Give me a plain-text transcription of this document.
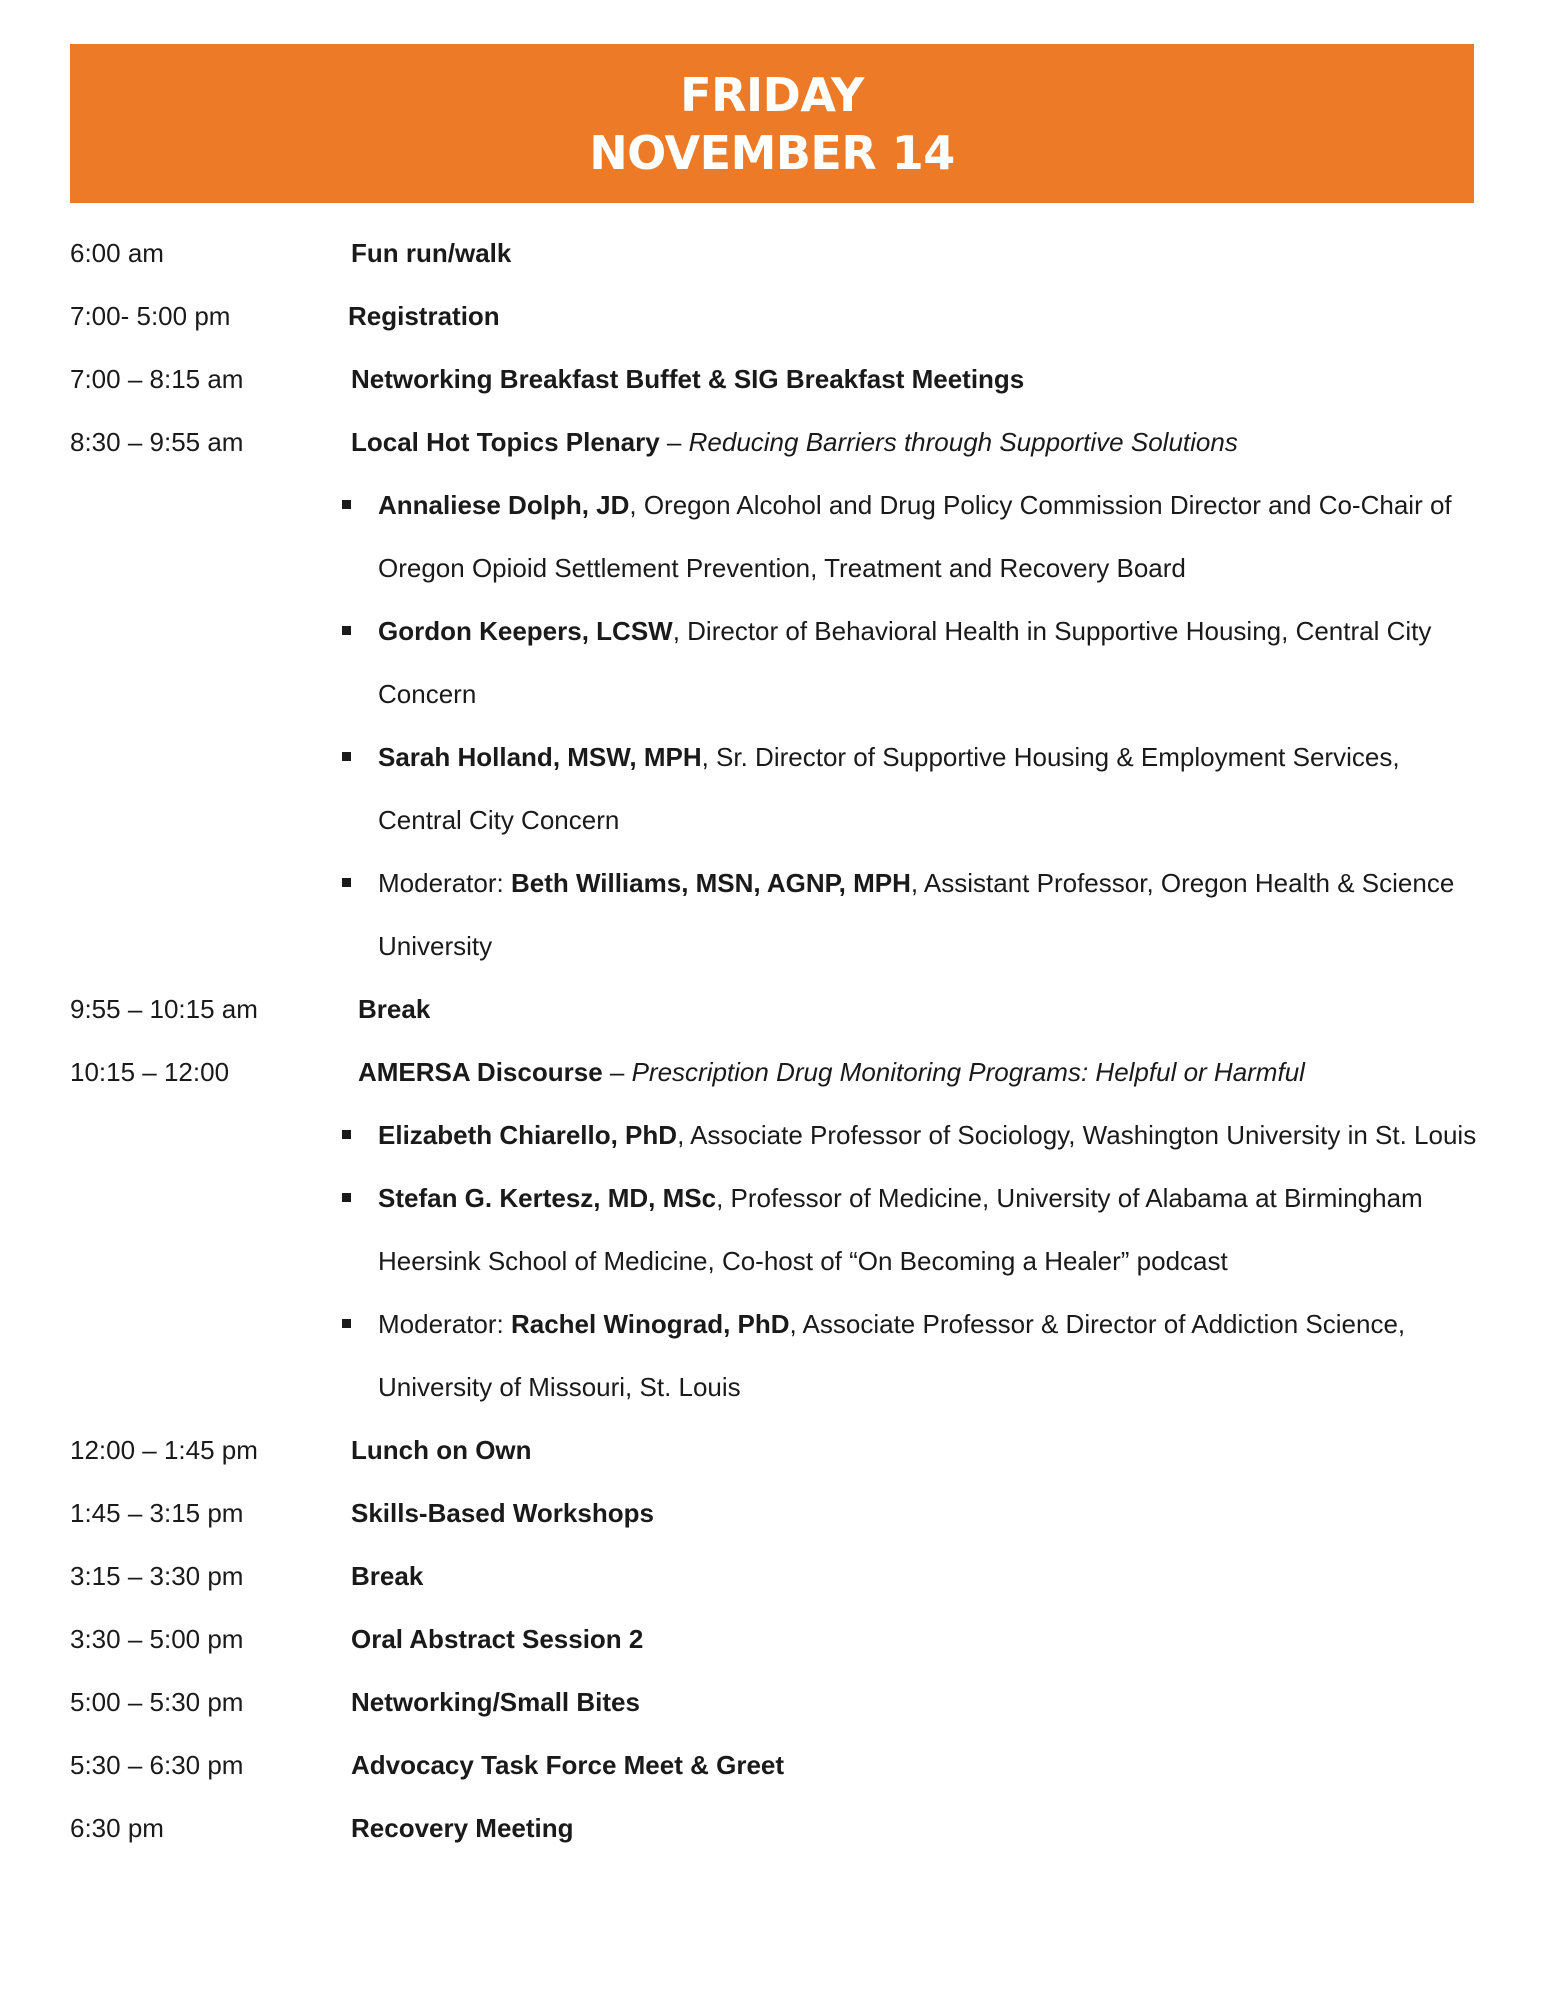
FRIDAY
NOVEMBER 14
6:00 am	Fun run/walk
7:00- 5:00 pm	Registration
7:00 – 8:15 am	Networking Breakfast Buffet & SIG Breakfast Meetings
8:30 – 9:55 am	Local Hot Topics Plenary – Reducing Barriers through Supportive Solutions
Annaliese Dolph, JD, Oregon Alcohol and Drug Policy Commission Director and Co-Chair of Oregon Opioid Settlement Prevention, Treatment and Recovery Board
Gordon Keepers, LCSW, Director of Behavioral Health in Supportive Housing, Central City Concern
Sarah Holland, MSW, MPH, Sr. Director of Supportive Housing & Employment Services, Central City Concern
Moderator: Beth Williams, MSN, AGNP, MPH, Assistant Professor, Oregon Health & Science University
9:55 – 10:15 am	Break
10:15 – 12:00	AMERSA Discourse – Prescription Drug Monitoring Programs: Helpful or Harmful
Elizabeth Chiarello, PhD, Associate Professor of Sociology, Washington University in St. Louis
Stefan G. Kertesz, MD, MSc, Professor of Medicine, University of Alabama at Birmingham Heersink School of Medicine, Co-host of “On Becoming a Healer” podcast
Moderator: Rachel Winograd, PhD, Associate Professor & Director of Addiction Science, University of Missouri, St. Louis
12:00 – 1:45 pm	Lunch on Own
1:45 – 3:15 pm	Skills-Based Workshops
3:15 – 3:30 pm	Break
3:30 – 5:00 pm	Oral Abstract Session 2
5:00 – 5:30 pm	Networking/Small Bites
5:30 – 6:30 pm	Advocacy Task Force Meet & Greet
6:30 pm	Recovery Meeting
